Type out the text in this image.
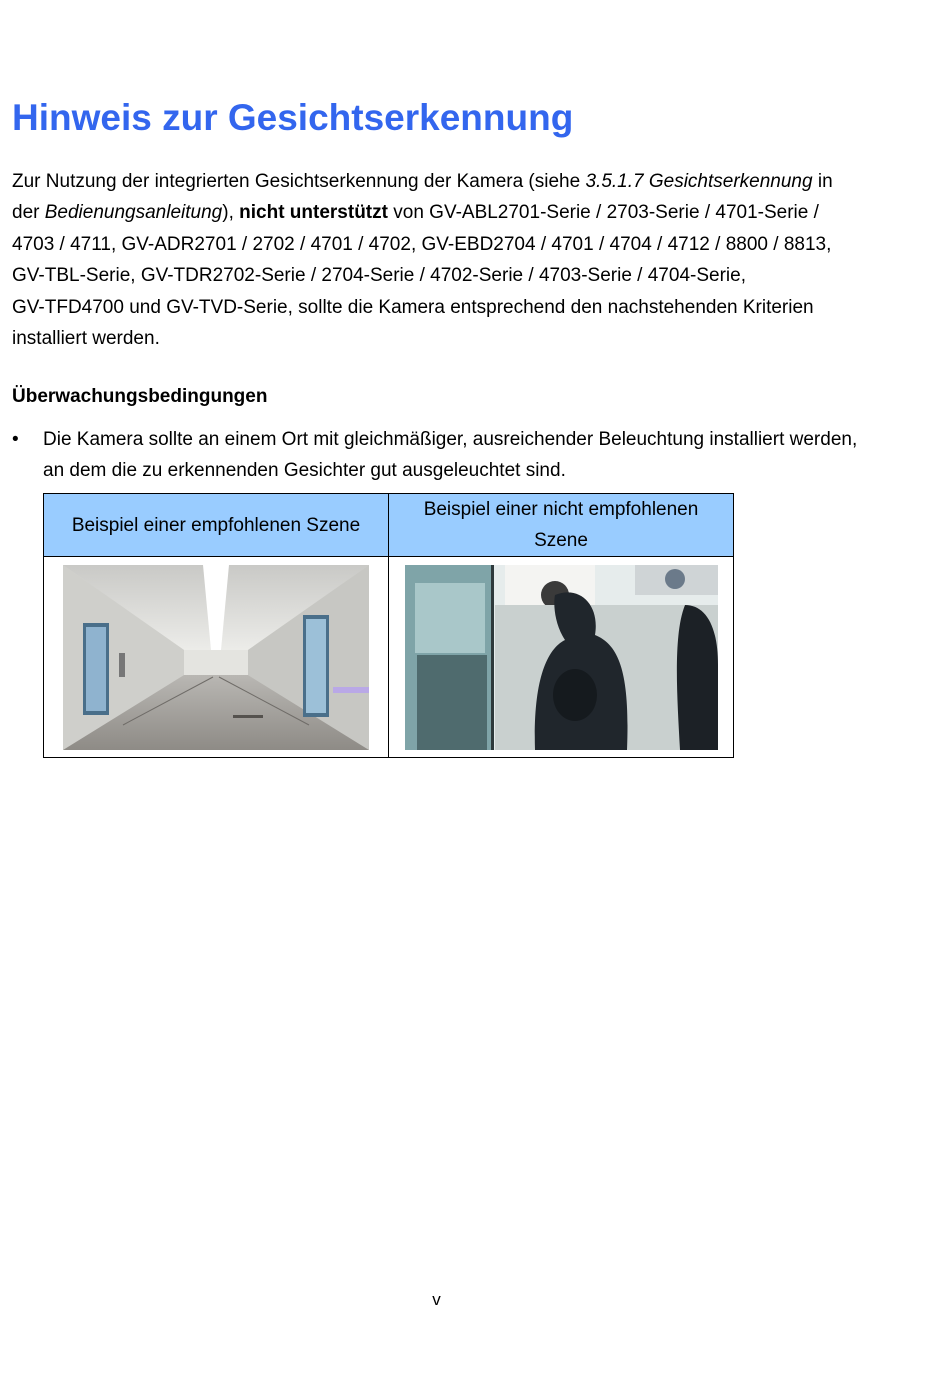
Hinweis zur Gesichtserkennung

Zur Nutzung der integrierten Gesichtserkennung der Kamera (siehe 3.5.1.7 Gesichtserkennung in
der Bedienungsanleitung), nicht unterstützt von GV-ABL2701-Serie / 2703-Serie / 4701-Serie /
4703 / 4711, GV-ADR2701 / 2702 / 4701 / 4702, GV-EBD2704 / 4701 / 4704 / 4712 / 8800 / 8813,
GV-TBL-Serie, GV-TDR2702-Serie / 2704-Serie / 4702-Serie / 4703-Serie / 4704-Serie,
GV-TFD4700 und GV-TVD-Serie, sollte die Kamera entsprechend den nachstehenden Kriterien
installiert werden.

Überwachungsbedingungen
• Die Kamera sollte an einem Ort mit gleichmäßiger, ausreichender Beleuchtung installiert werden,
an dem die zu erkennenden Gesichter gut ausgeleuchtet sind.
Beispiel einer empfohlenen Szene	Beispiel einer nicht empfohlenen Szene

v
